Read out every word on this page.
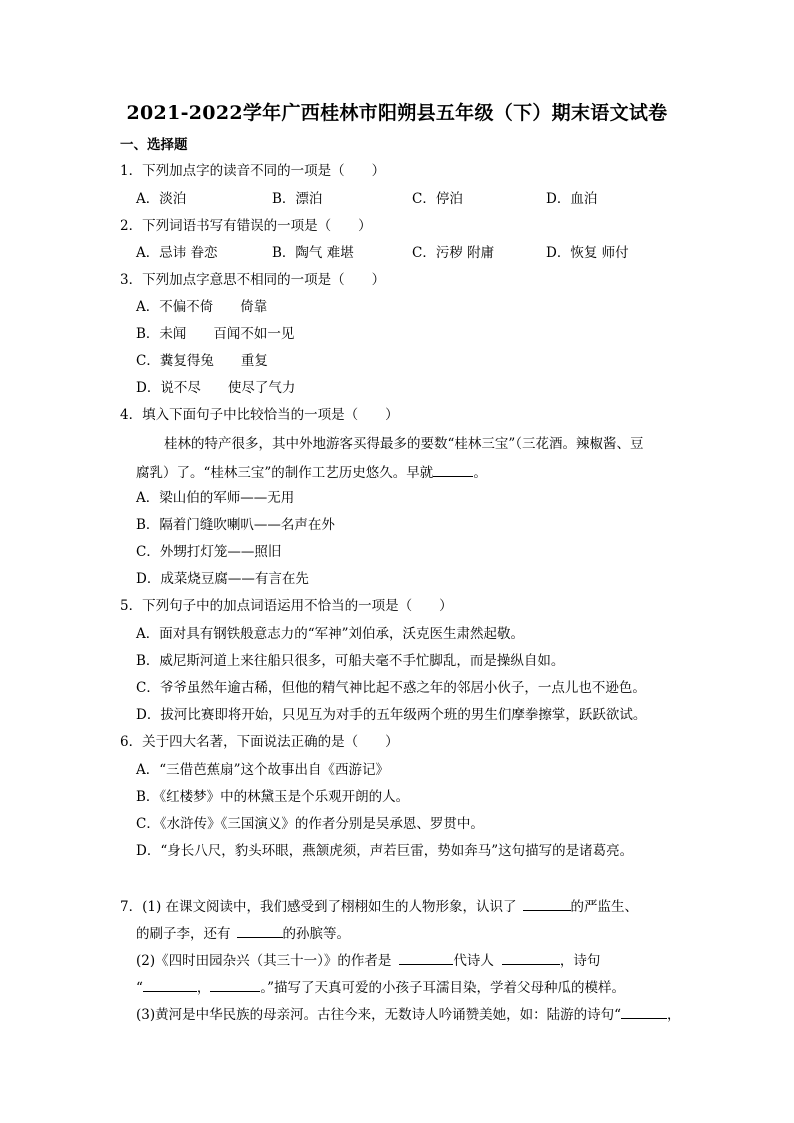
2021-2022学年广西桂林市阳朔县五年级（下）期末语文试卷
一、选择题
1．下列加点字的读音不同的一项是（　　）
A．淡泊	B．漂泊	C．停泊	D．血泊
2．下列词语书写有错误的一项是（　　）
A．忌讳 眷恋	B．陶气 难堪	C．污秽 附庸	D．恢复 师付
3．下列加点字意思不相同的一项是（　　）
A．不偏不倚　　倚靠
B．未闻　　百闻不如一见
C．糞复得兔　　重复
D．说不尽　　使尽了气力
4．填入下面句子中比较恰当的一项是（　　）
桂林的特产很多，其中外地游客买得最多的要数“桂林三宝”（三花酒。辣椒酱、豆
腐乳）了。“桂林三宝”的制作工艺历史悠久。早就	。
A．梁山伯的军师——无用
B．隔着门缝吹喇叭——名声在外
C．外甥打灯笼——照旧
D．成菜烧豆腐——有言在先
5．下列句子中的加点词语运用不恰当的一项是（　　）
A．面对具有钢铁般意志力的“军神”刘伯承，沃克医生肃然起敬。
B．威尼斯河道上来往船只很多，可船夫毫不手忙脚乱，而是操纵自如。
C．爷爷虽然年逾古稀，但他的精气神比起不惑之年的邻居小伙子，一点儿也不逊色。
D．拔河比赛即将开始，只见互为对手的五年级两个班的男生们摩拳擦掌，跃跃欲试。
6．关于四大名著，下面说法正确的是（　　）
A．“三借芭蕉扇”这个故事出自《西游记》
B．《红楼梦》中的林黛玉是个乐观开朗的人。
C．《水浒传》《三国演义》的作者分别是吴承恩、罗贯中。
D．“身长八尺，豹头环眼，燕颔虎须，声若巨雷，势如奔马”这句描写的是诸葛亮。
7．(1) 在课文阅读中，我们感受到了栩栩如生的人物形象，认识了	的严监生、
的刷子李，还有	的孙膑等。
(2)《四时田园杂兴（其三十一）》的作者是	代诗人	，诗句
“	，	。”描写了天真可爱的小孩子耳濡目染，学着父母种瓜的模样。
(3)黄河是中华民族的母亲河。古往今来，无数诗人吟诵赞美她，如：陆游的诗句“	，
